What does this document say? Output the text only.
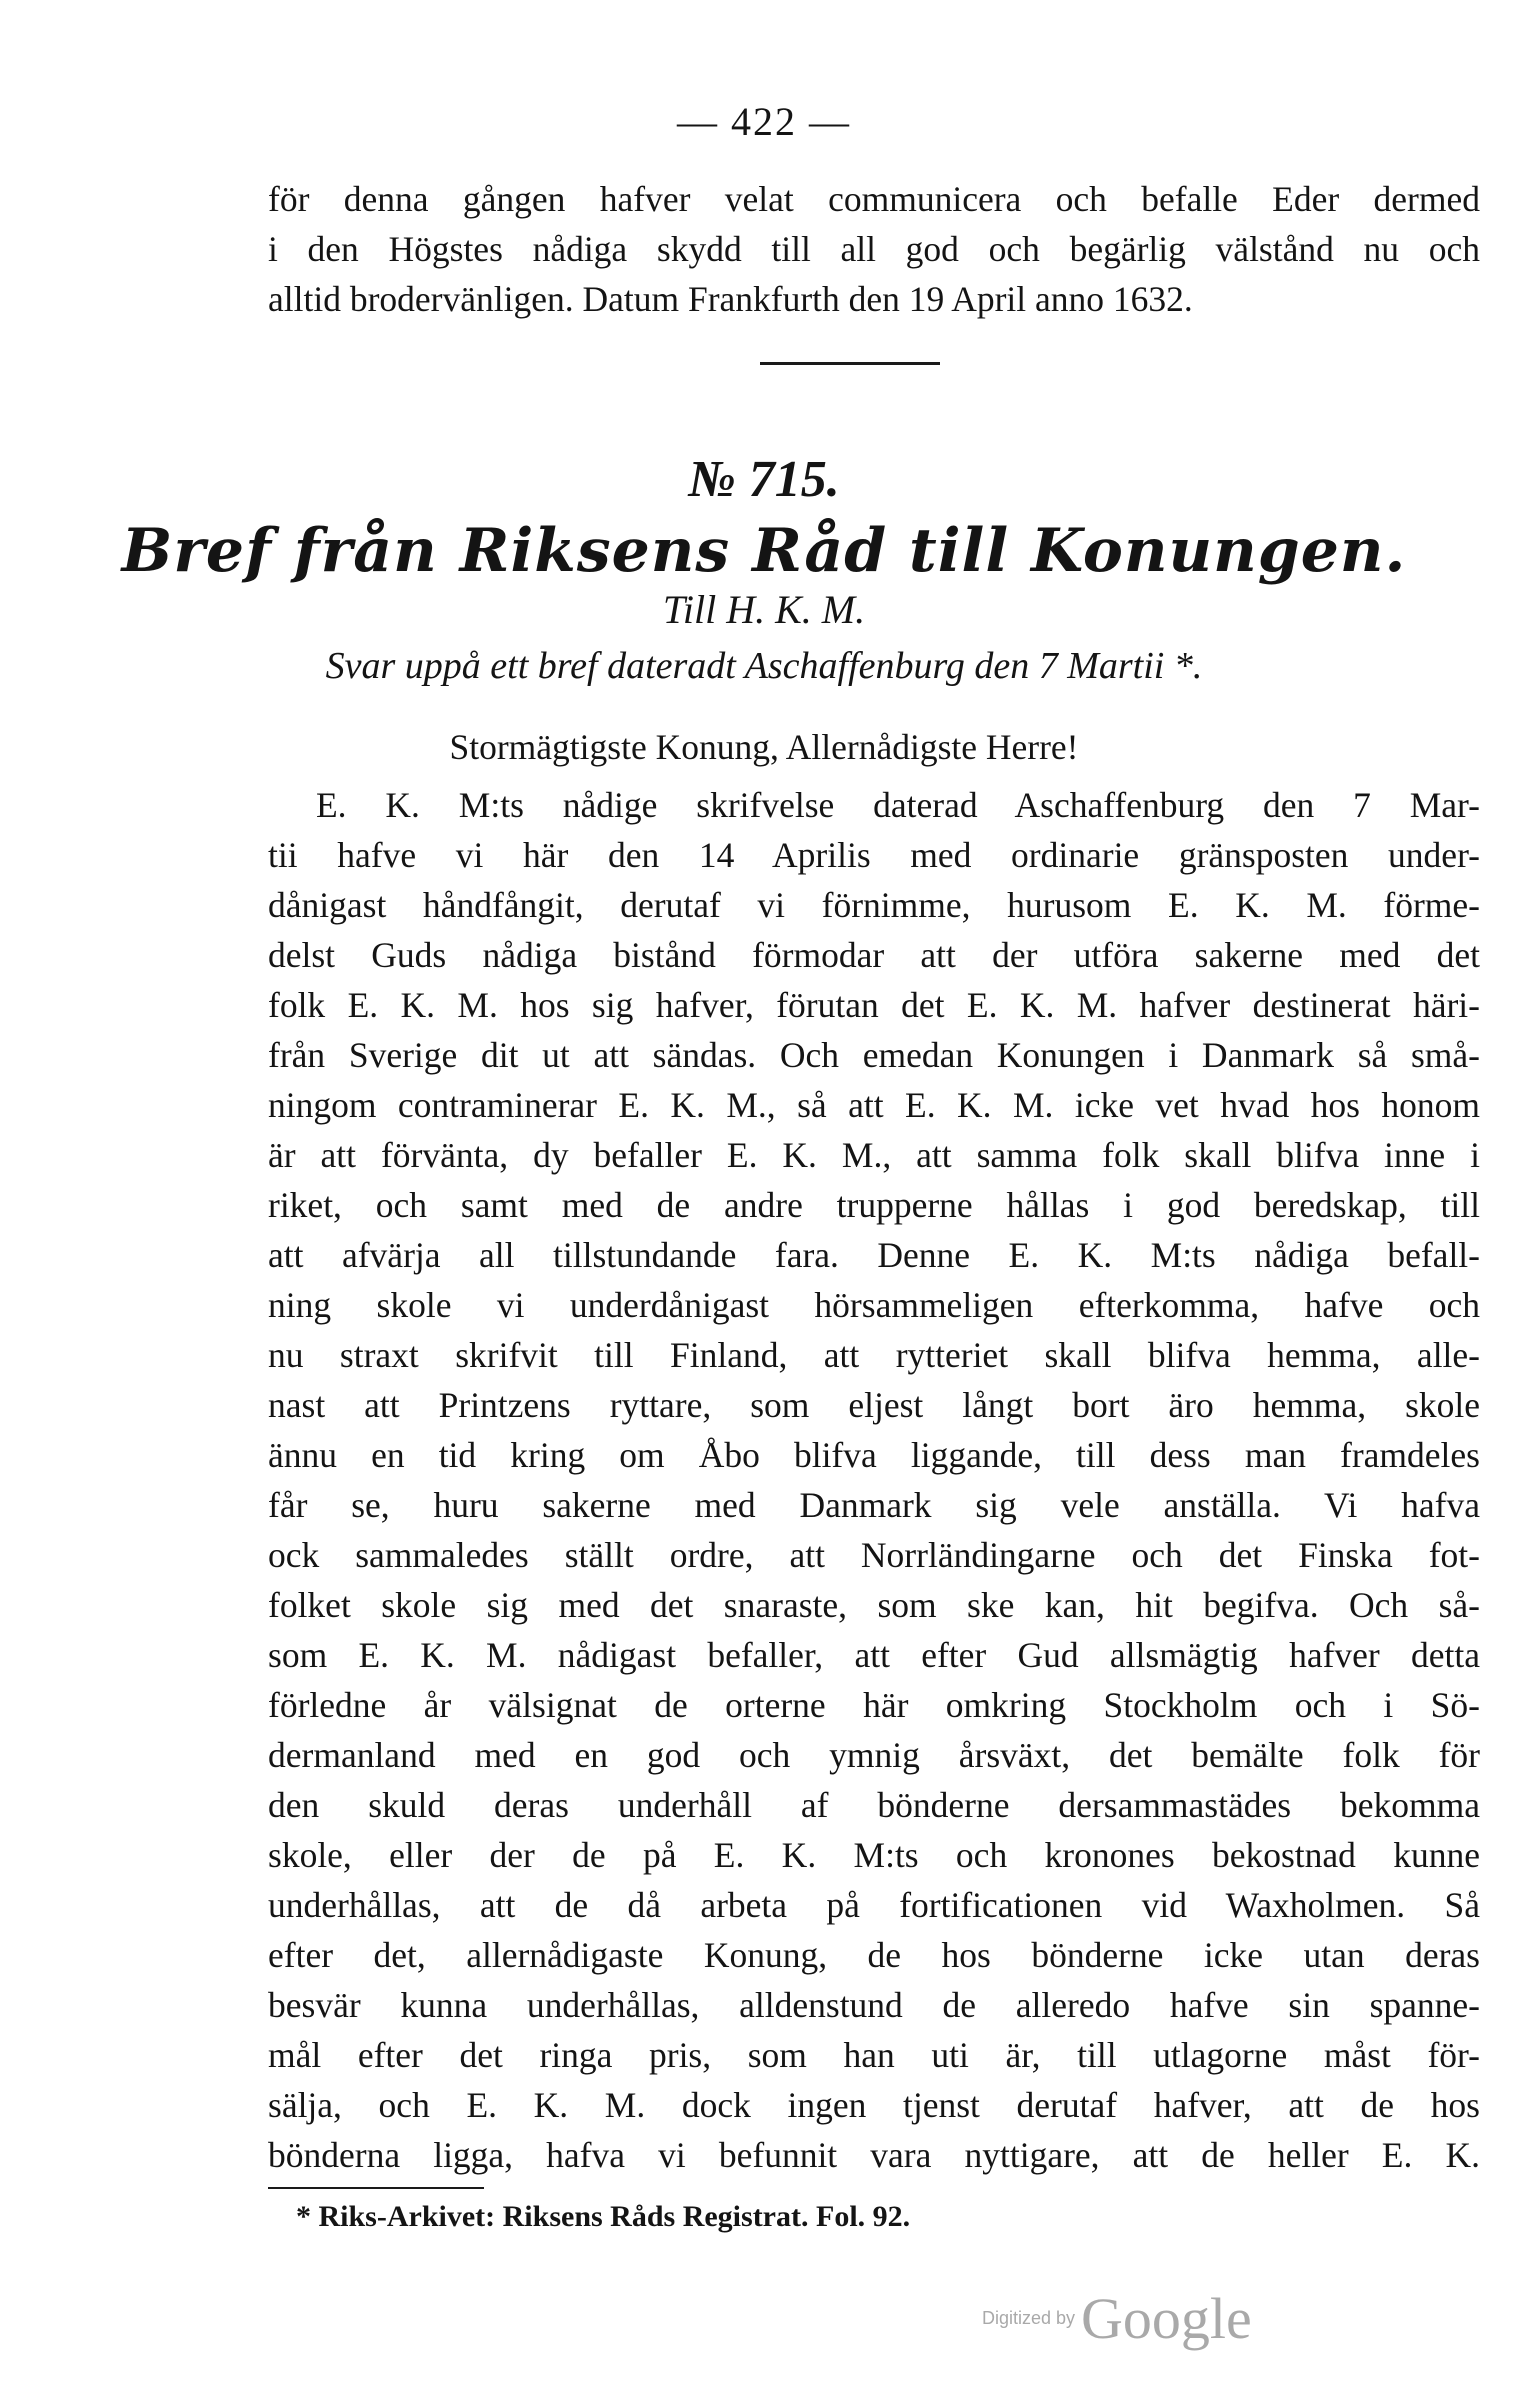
— 422 —
för denna gången hafver velat communicera och befalle Eder dermed
i den Högstes nådiga skydd till all god och begärlig välstånd nu och
alltid brodervänligen. Datum Frankfurth den 19 April anno 1632.
№ 715.
Bref från Riksens Råd till Konungen.
Till H. K. M.
Svar uppå ett bref dateradt Aschaffenburg den 7 Martii *.
Stormägtigste Konung, Allernådigste Herre!
E. K. M:ts nådige skrifvelse daterad Aschaffenburg den 7 Mar-
tii hafve vi här den 14 Aprilis med ordinarie gränsposten under-
dånigast håndfångit, derutaf vi förnimme, hurusom E. K. M. förme-
delst Guds nådiga bistånd förmodar att der utföra sakerne med det
folk E. K. M. hos sig hafver, förutan det E. K. M. hafver destinerat häri-
från Sverige dit ut att sändas. Och emedan Konungen i Danmark så små-
ningom contraminerar E. K. M., så att E. K. M. icke vet hvad hos honom
är att förvänta, dy befaller E. K. M., att samma folk skall blifva inne i
riket, och samt med de andre trupperne hållas i god beredskap, till
att afvärja all tillstundande fara. Denne E. K. M:ts nådiga befall-
ning skole vi underdånigast hörsammeligen efterkomma, hafve och
nu straxt skrifvit till Finland, att rytteriet skall blifva hemma, alle-
nast att Printzens ryttare, som eljest långt bort äro hemma, skole
ännu en tid kring om Åbo blifva liggande, till dess man framdeles
får se, huru sakerne med Danmark sig vele anställa. Vi hafva
ock sammaledes ställt ordre, att Norrländingarne och det Finska fot-
folket skole sig med det snaraste, som ske kan, hit begifva. Och så-
som E. K. M. nådigast befaller, att efter Gud allsmägtig hafver detta
förledne år välsignat de orterne här omkring Stockholm och i Sö-
dermanland med en god och ymnig årsväxt, det bemälte folk för
den skuld deras underhåll af bönderne dersammastädes bekomma
skole, eller der de på E. K. M:ts och kronones bekostnad kunne
underhållas, att de då arbeta på fortificationen vid Waxholmen. Så
efter det, allernådigaste Konung, de hos bönderne icke utan deras
besvär kunna underhållas, alldenstund de alleredo hafve sin spanne-
mål efter det ringa pris, som han uti är, till utlagorne måst för-
sälja, och E. K. M. dock ingen tjenst derutaf hafver, att de hos
bönderna ligga, hafva vi befunnit vara nyttigare, att de heller E. K.
* Riks-Arkivet: Riksens Råds Registrat. Fol. 92.
Digitized by Google
